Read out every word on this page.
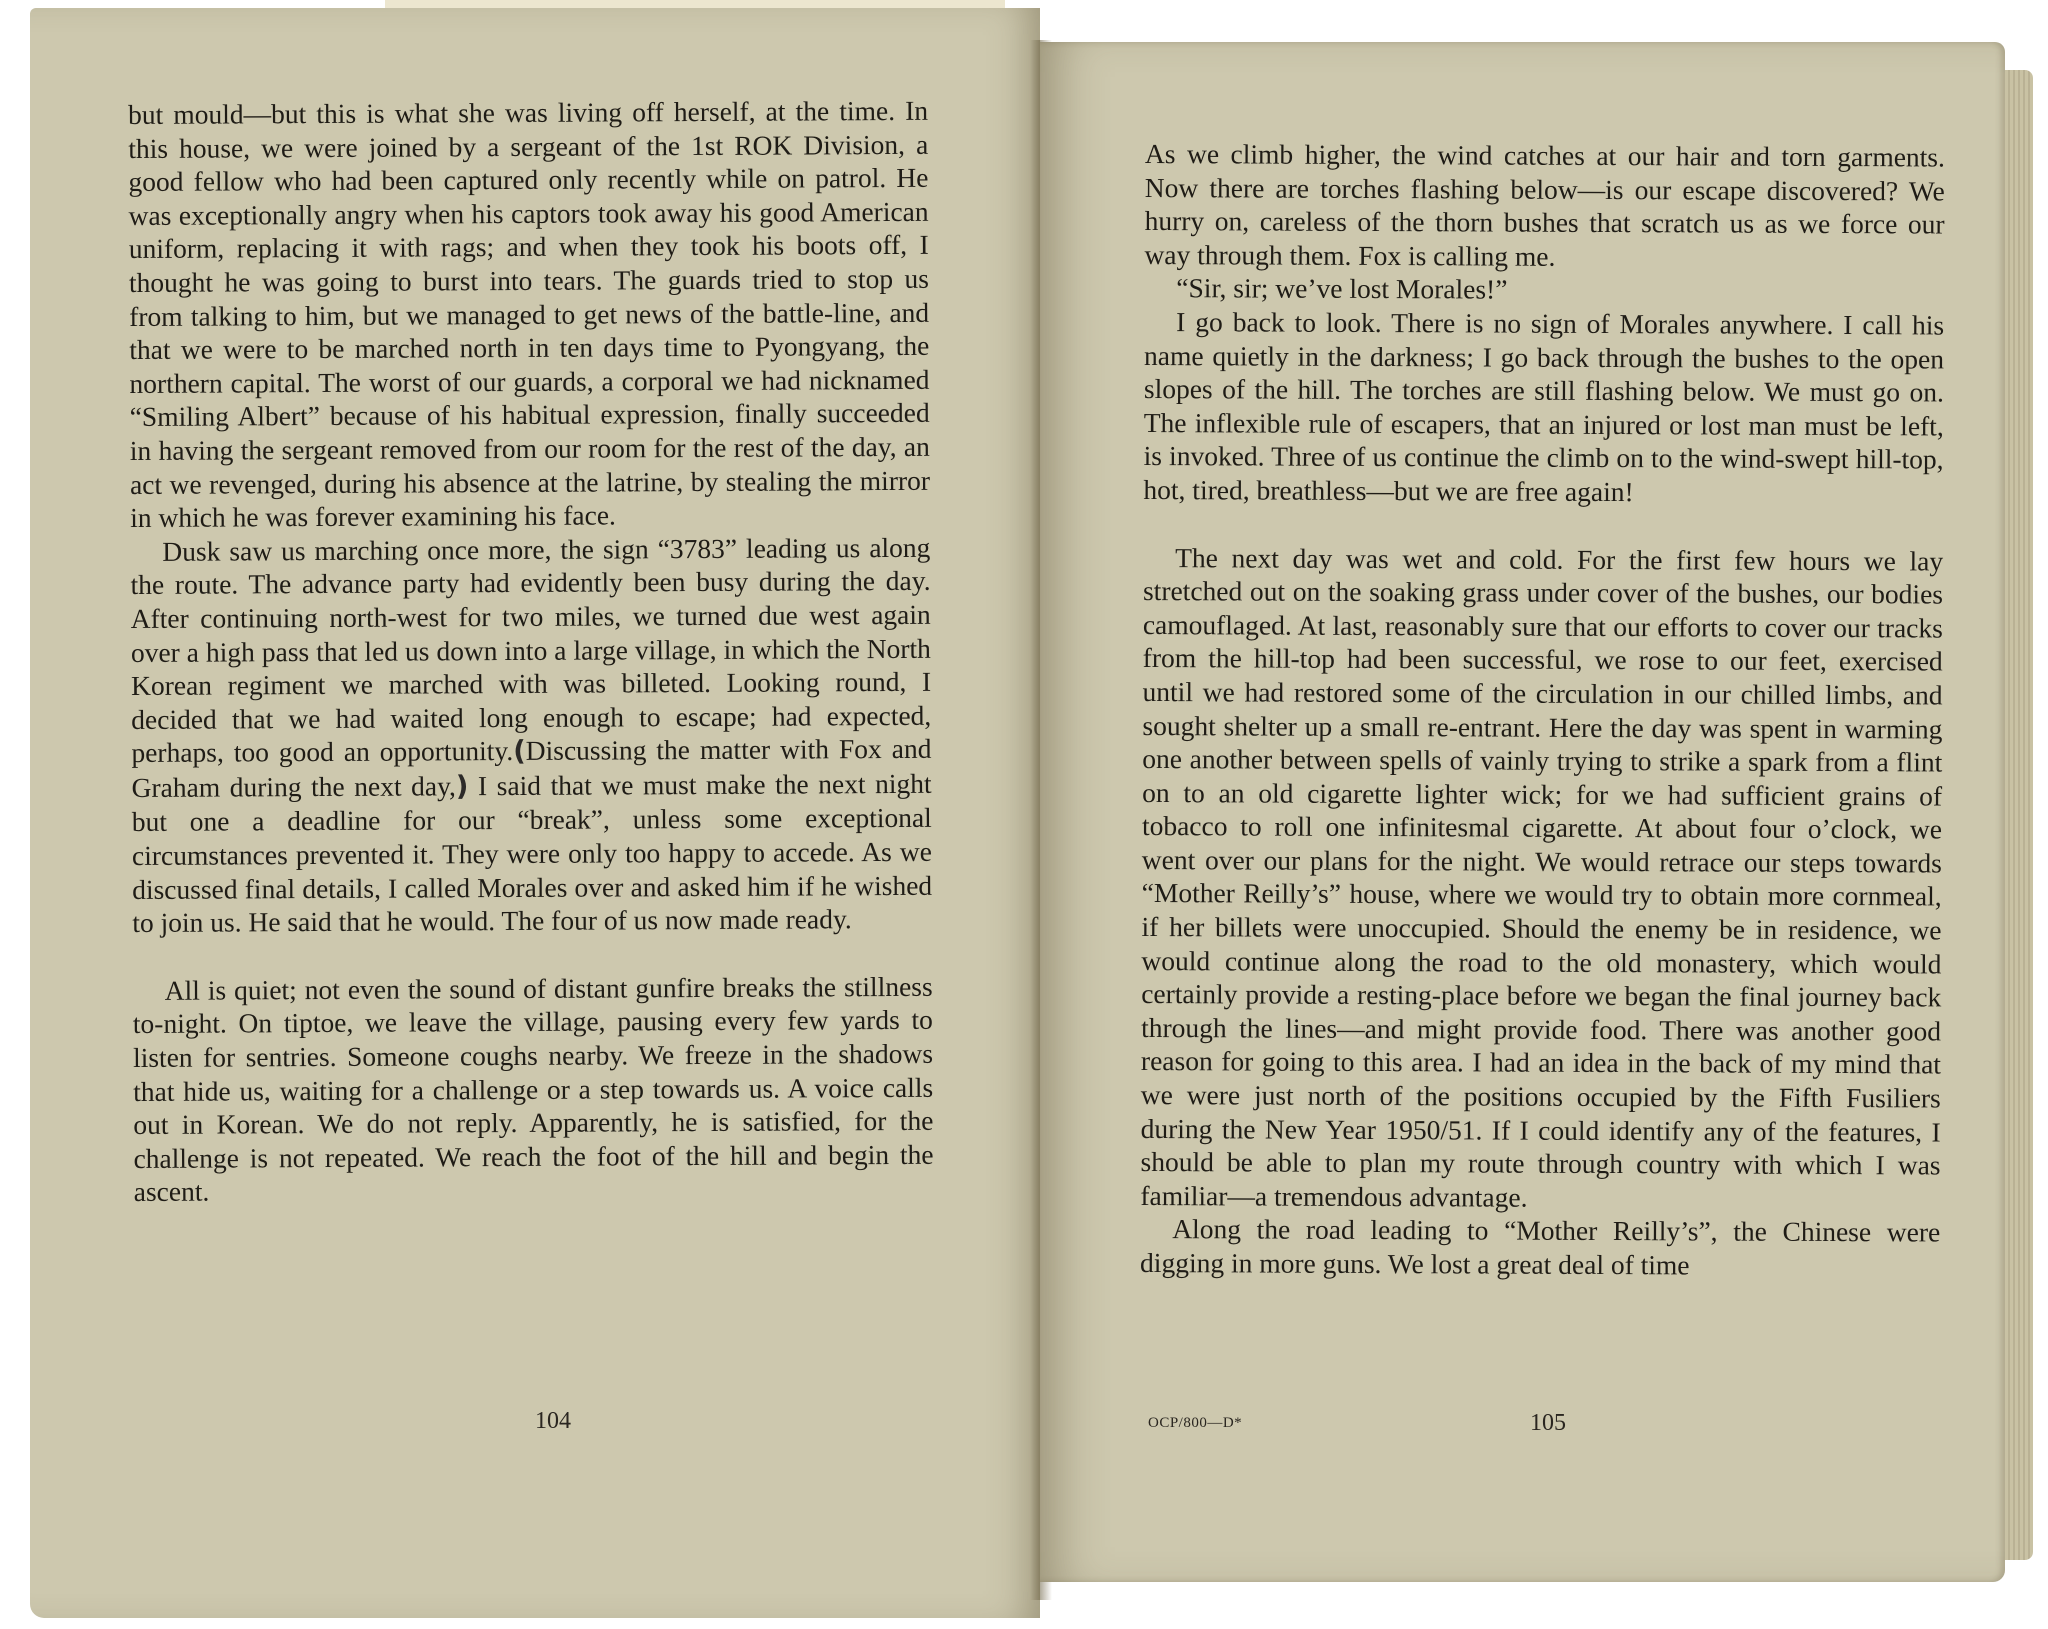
but mould—but this is what she was living off herself, at the time. In this house, we were joined by a sergeant of the 1st ROK Division, a good fellow who had been captured only recently while on patrol. He was exceptionally angry when his captors took away his good American uniform, replacing it with rags; and when they took his boots off, I thought he was going to burst into tears. The guards tried to stop us from talking to him, but we managed to get news of the battle-line, and that we were to be marched north in ten days time to Pyongyang, the northern capital. The worst of our guards, a corporal we had nicknamed “Smiling Albert” because of his habitual expression, finally succeeded in having the sergeant removed from our room for the rest of the day, an act we revenged, during his absence at the latrine, by stealing the mirror in which he was forever examining his face.

Dusk saw us marching once more, the sign “3783” leading us along the route. The advance party had evidently been busy during the day. After continuing north-west for two miles, we turned due west again over a high pass that led us down into a large village, in which the North Korean regiment we marched with was billeted. Looking round, I decided that we had waited long enough to escape; had expected, perhaps, too good an opportunity.(Discussing the matter with Fox and Graham during the next day,) I said that we must make the next night but one a deadline for our “break”, unless some exceptional circumstances prevented it. They were only too happy to accede. As we discussed final details, I called Morales over and asked him if he wished to join us. He said that he would. The four of us now made ready.

All is quiet; not even the sound of distant gunfire breaks the stillness to-night. On tiptoe, we leave the village, pausing every few yards to listen for sentries. Someone coughs nearby. We freeze in the shadows that hide us, waiting for a challenge or a step towards us. A voice calls out in Korean. We do not reply. Apparently, he is satisfied, for the challenge is not repeated. We reach the foot of the hill and begin the ascent.

104

As we climb higher, the wind catches at our hair and torn garments. Now there are torches flashing below—is our escape discovered? We hurry on, careless of the thorn bushes that scratch us as we force our way through them. Fox is calling me.

“Sir, sir; we’ve lost Morales!”

I go back to look. There is no sign of Morales anywhere. I call his name quietly in the darkness; I go back through the bushes to the open slopes of the hill. The torches are still flashing below. We must go on. The inflexible rule of escapers, that an injured or lost man must be left, is invoked. Three of us continue the climb on to the wind-swept hill-top, hot, tired, breathless—but we are free again!

The next day was wet and cold. For the first few hours we lay stretched out on the soaking grass under cover of the bushes, our bodies camouflaged. At last, reasonably sure that our efforts to cover our tracks from the hill-top had been successful, we rose to our feet, exercised until we had restored some of the circulation in our chilled limbs, and sought shelter up a small re-entrant. Here the day was spent in warming one another between spells of vainly trying to strike a spark from a flint on to an old cigarette lighter wick; for we had sufficient grains of tobacco to roll one infinitesmal cigarette. At about four o’clock, we went over our plans for the night. We would retrace our steps towards “Mother Reilly’s” house, where we would try to obtain more cornmeal, if her billets were unoccupied. Should the enemy be in residence, we would continue along the road to the old monastery, which would certainly provide a resting-place before we began the final journey back through the lines—and might provide food. There was another good reason for going to this area. I had an idea in the back of my mind that we were just north of the positions occupied by the Fifth Fusiliers during the New Year 1950/51. If I could identify any of the features, I should be able to plan my route through country with which I was familiar—a tremendous advantage.

Along the road leading to “Mother Reilly’s”, the Chinese were digging in more guns. We lost a great deal of time

OCP/800—D*	105
